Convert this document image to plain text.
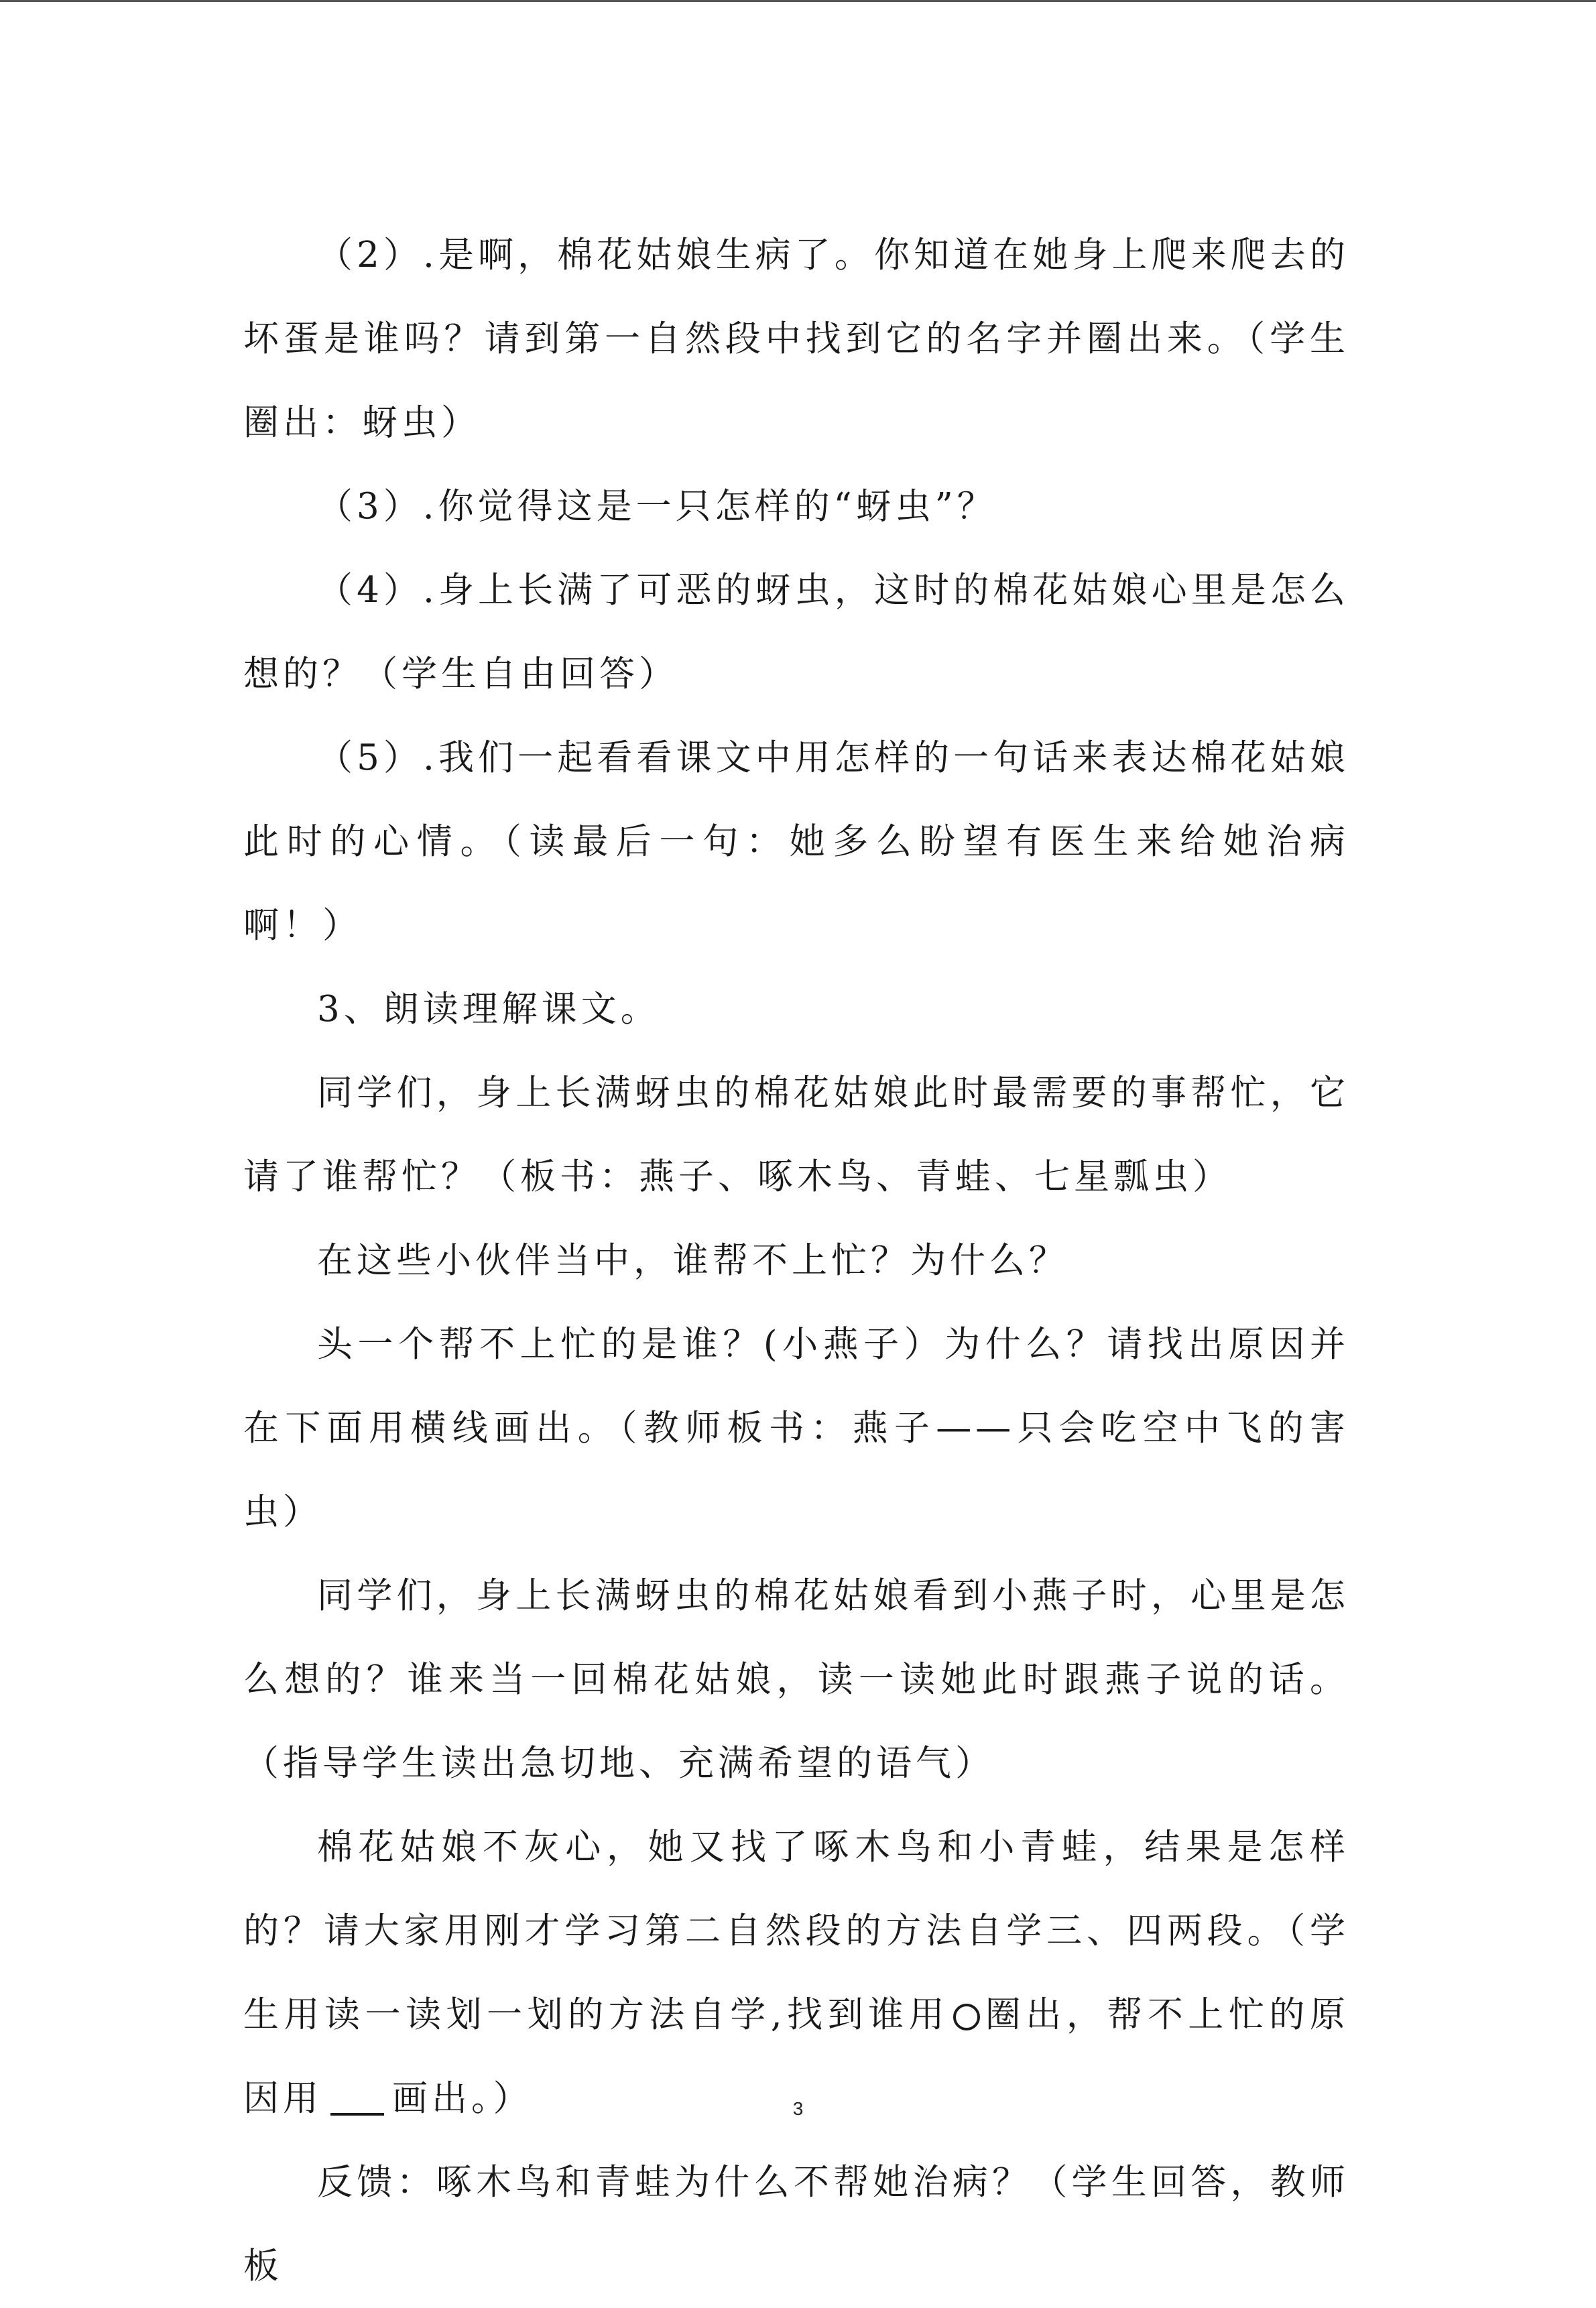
（2）.是啊，棉花姑娘生病了。你知道在她身上爬来爬去的坏蛋是谁吗？请到第一自然段中找到它的名字并圈出来。（学生圈出：蚜虫）

（3）.你觉得这是一只怎样的“蚜虫”？

（4）.身上长满了可恶的蚜虫，这时的棉花姑娘心里是怎么想的？（学生自由回答）

（5）.我们一起看看课文中用怎样的一句话来表达棉花姑娘此时的心情。（读最后一句：她多么盼望有医生来给她治病啊！）

3、朗读理解课文。

同学们，身上长满蚜虫的棉花姑娘此时最需要的事帮忙，它请了谁帮忙？（板书：燕子、啄木鸟、青蛙、七星瓢虫）

在这些小伙伴当中，谁帮不上忙？为什么？

头一个帮不上忙的是谁？(小燕子）为什么？请找出原因并在下面用横线画出。（教师板书：燕子——只会吃空中飞的害虫）

同学们，身上长满蚜虫的棉花姑娘看到小燕子时，心里是怎么想的？谁来当一回棉花姑娘，读一读她此时跟燕子说的话。（指导学生读出急切地、充满希望的语气）

棉花姑娘不灰心，她又找了啄木鸟和小青蛙，结果是怎样的？请大家用刚才学习第二自然段的方法自学三、四两段。（学生用读一读划一划的方法自学,找到谁用 圈出，帮不上忙的原因用 画出。）

反馈：啄木鸟和青蛙为什么不帮她治病？（学生回答，教师板

3
